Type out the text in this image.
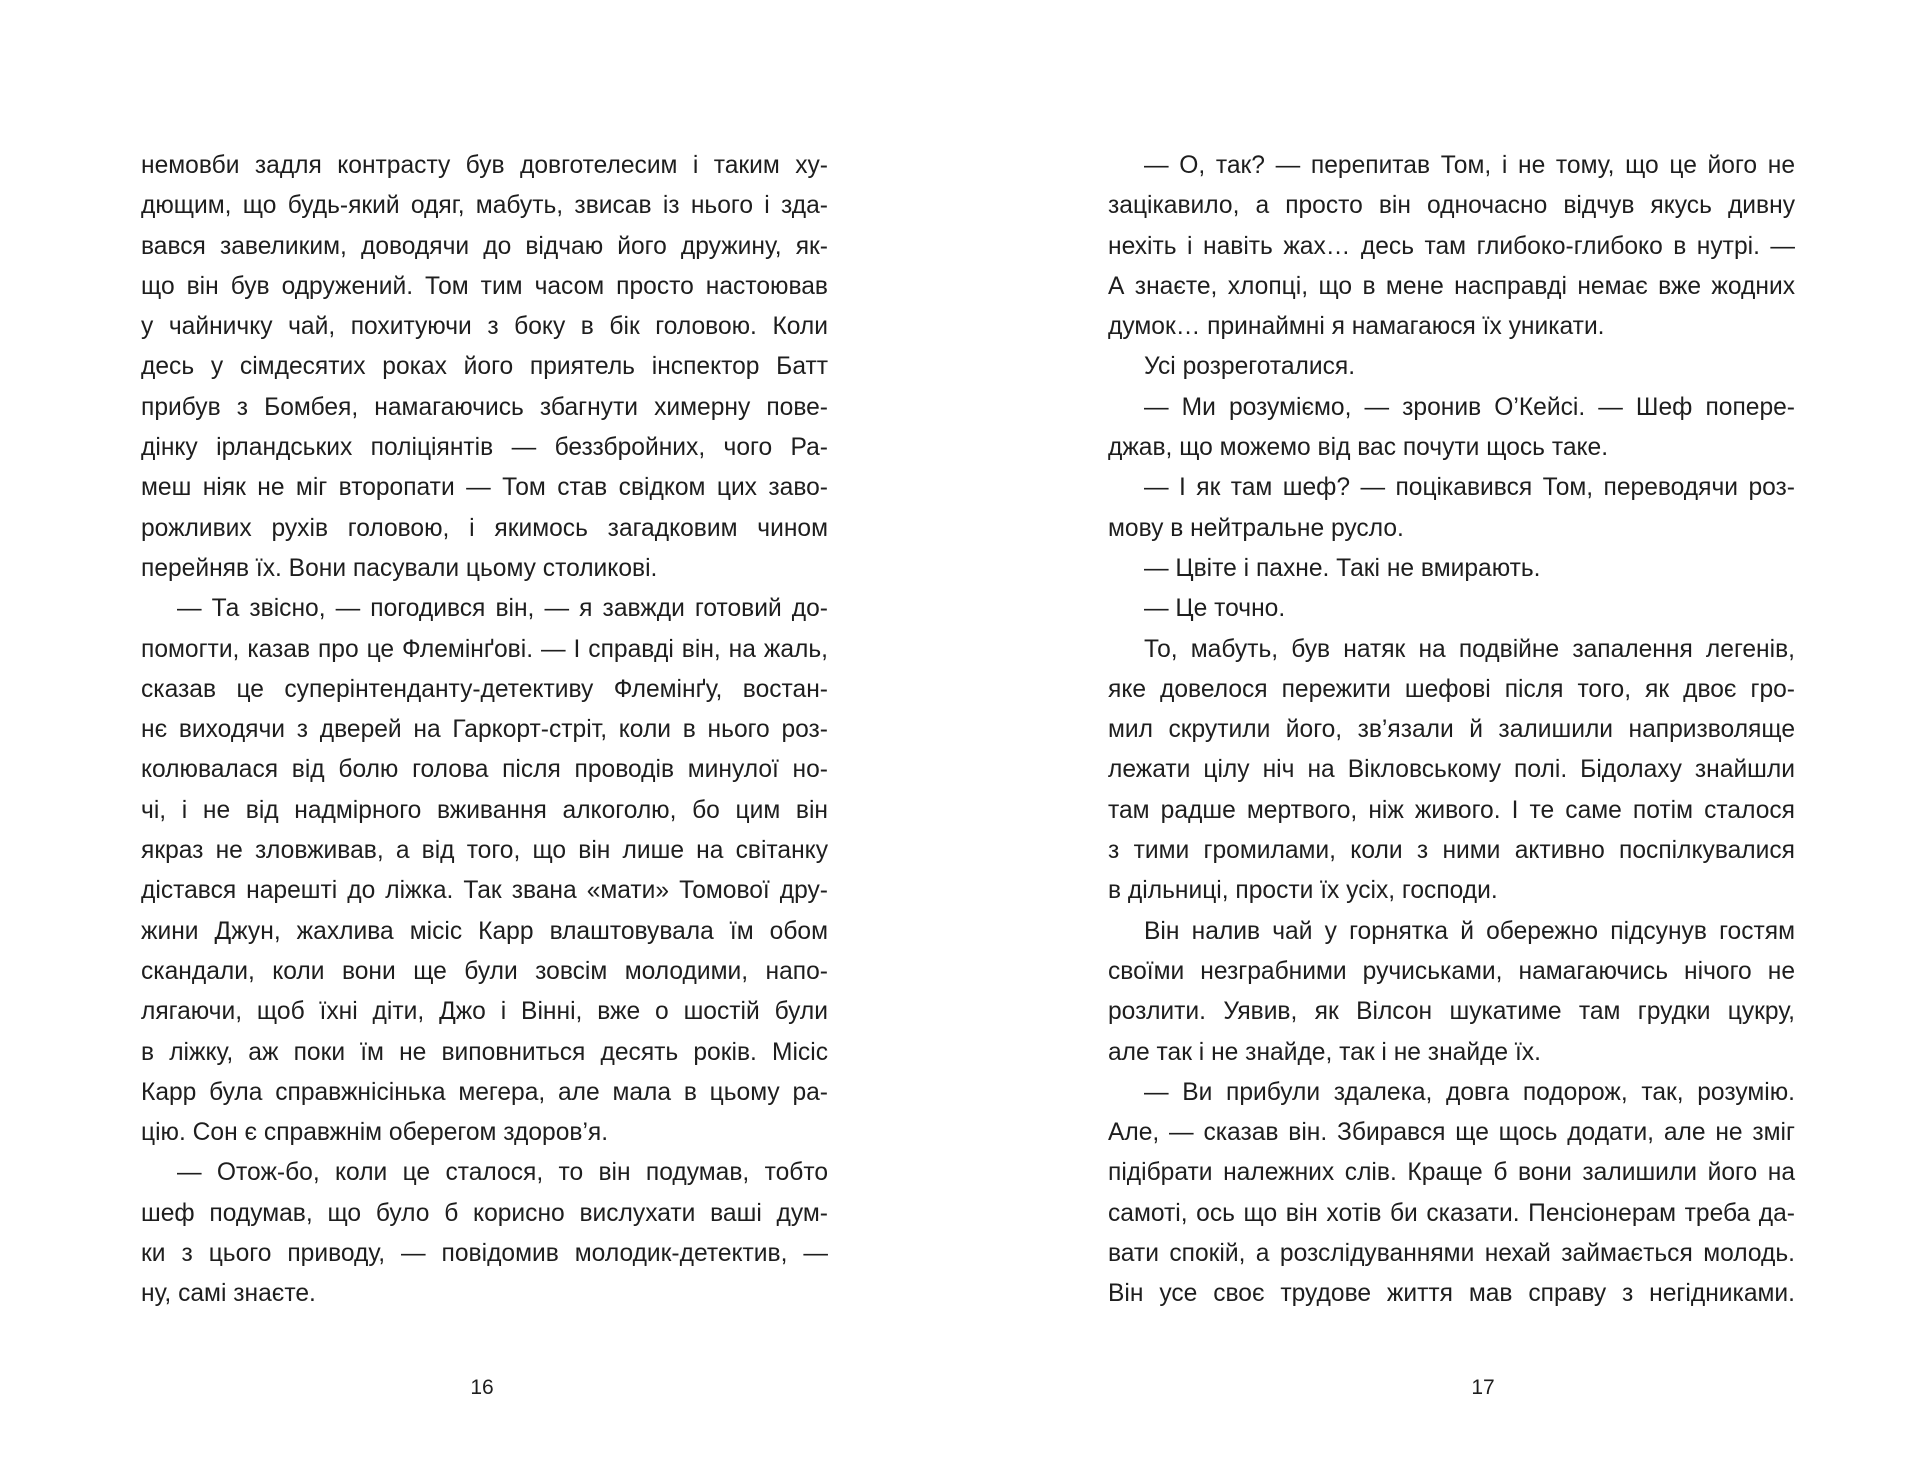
немовби задля контрасту був довготелесим і таким ху-
дющим, що будь-який одяг, мабуть, звисав із нього і зда-
вався завеликим, доводячи до відчаю його дружину, як-
що він був одружений. Том тим часом просто настоював
у чайничку чай, похитуючи з боку в бік головою. Коли
десь у сімдесятих роках його приятель інспектор Батт
прибув з Бомбея, намагаючись збагнути химерну пове-
дінку ірландських поліціянтів — беззбройних, чого Ра-
меш ніяк не міг второпати — Том став свідком цих заво-
рожливих рухів головою, і якимось загадковим чином
перейняв їх. Вони пасували цьому столикові.
— Та звісно, — погодився він, — я завжди готовий до-
помогти, казав про це Флемінґові. — І справді він, на жаль,
сказав це суперінтенданту-детективу Флемінґу, востан-
нє виходячи з дверей на Гаркорт-стріт, коли в нього роз-
колювалася від болю голова після проводів минулої но-
чі, і не від надмірного вживання алкоголю, бо цим він
якраз не зловживав, а від того, що він лише на світанку
дістався нарешті до ліжка. Так звана «мати» Томової дру-
жини Джун, жахлива місіс Карр влаштовувала їм обом
скандали, коли вони ще були зовсім молодими, напо-
лягаючи, щоб їхні діти, Джо і Вінні, вже о шостій були
в ліжку, аж поки їм не виповниться десять років. Місіс
Карр була справжнісінька мегера, але мала в цьому ра-
цію. Сон є справжнім оберегом здоров’я.
— Отож-бо, коли це сталося, то він подумав, тобто
шеф подумав, що було б корисно вислухати ваші дум-
ки з цього приводу, — повідомив молодик-детектив, —
ну, самі знаєте.
16
— О, так? — перепитав Том, і не тому, що це його не
зацікавило, а просто він одночасно відчув якусь дивну
нехіть і навіть жах… десь там глибоко-глибоко в нутрі. —
А знаєте, хлопці, що в мене насправді немає вже жодних
думок… принаймні я намагаюся їх уникати.
Усі розреготалися.
— Ми розуміємо, — зронив О’Кейсі. — Шеф попере-
джав, що можемо від вас почути щось таке.
— І як там шеф? — поцікавився Том, переводячи роз-
мову в нейтральне русло.
— Цвіте і пахне. Такі не вмирають.
— Це точно.
То, мабуть, був натяк на подвійне запалення легенів,
яке довелося пережити шефові після того, як двоє гро-
мил скрутили його, зв’язали й залишили напризволяще
лежати цілу ніч на Вікловському полі. Бідолаху знайшли
там радше мертвого, ніж живого. І те саме потім сталося
з тими громилами, коли з ними активно поспілкувалися
в дільниці, прости їх усіх, господи.
Він налив чай у горнятка й обережно підсунув гостям
своїми незграбними ручиськами, намагаючись нічого не
розлити. Уявив, як Вілсон шукатиме там грудки цукру,
але так і не знайде, так і не знайде їх.
— Ви прибули здалека, довга подорож, так, розумію.
Але, — сказав він. Збирався ще щось додати, але не зміг
підібрати належних слів. Краще б вони залишили його на
самоті, ось що він хотів би сказати. Пенсіонерам треба да-
вати спокій, а розслідуваннями нехай займається молодь.
Він усе своє трудове життя мав справу з негідниками.
17
